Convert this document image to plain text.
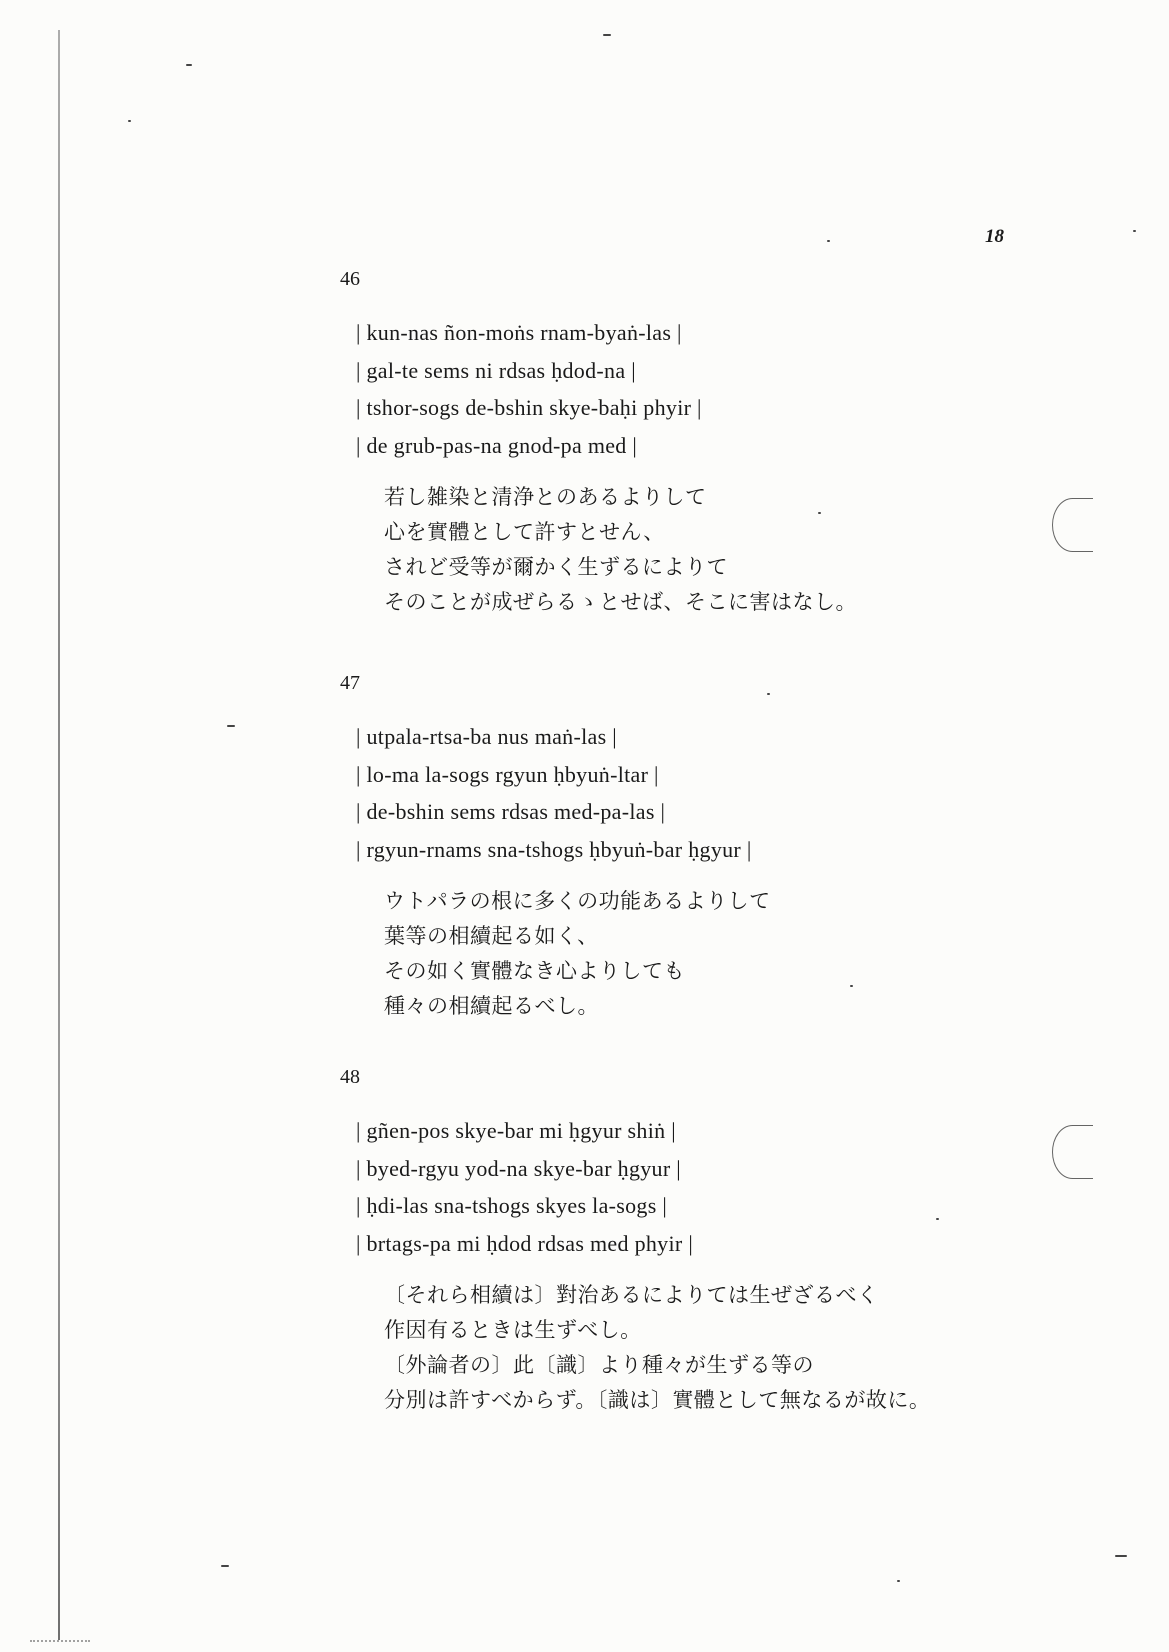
18
46
| kun-nas ñon-moṅs rnam-byaṅ-las |
| gal-te sems ni rdsas ḥdod-na |
| tshor-sogs de-bshin skye-baḥi phyir |
| de grub-pas-na gnod-pa med |
若し雑染と清浄とのあるよりして
心を實體として許すとせん、
されど受等が爾かく生ずるによりて
そのことが成ぜらるゝとせば、そこに害はなし。
47
| utpala-rtsa-ba nus maṅ-las |
| lo-ma la-sogs rgyun ḥbyuṅ-ltar |
| de-bshin sems rdsas med-pa-las |
| rgyun-rnams sna-tshogs ḥbyuṅ-bar ḥgyur |
ウトパラの根に多くの功能あるよりして
葉等の相續起る如く、
その如く實體なき心よりしても
種々の相續起るべし。
48
| gñen-pos skye-bar mi ḥgyur shiṅ |
| byed-rgyu yod-na skye-bar ḥgyur |
| ḥdi-las sna-tshogs skyes la-sogs |
| brtags-pa mi ḥdod rdsas med phyir |
〔それら相續は〕對治あるによりては生ぜざるべく
作因有るときは生ずべし。
〔外論者の〕此〔識〕より種々が生ずる等の
分別は許すべからず。〔識は〕實體として無なるが故に。
